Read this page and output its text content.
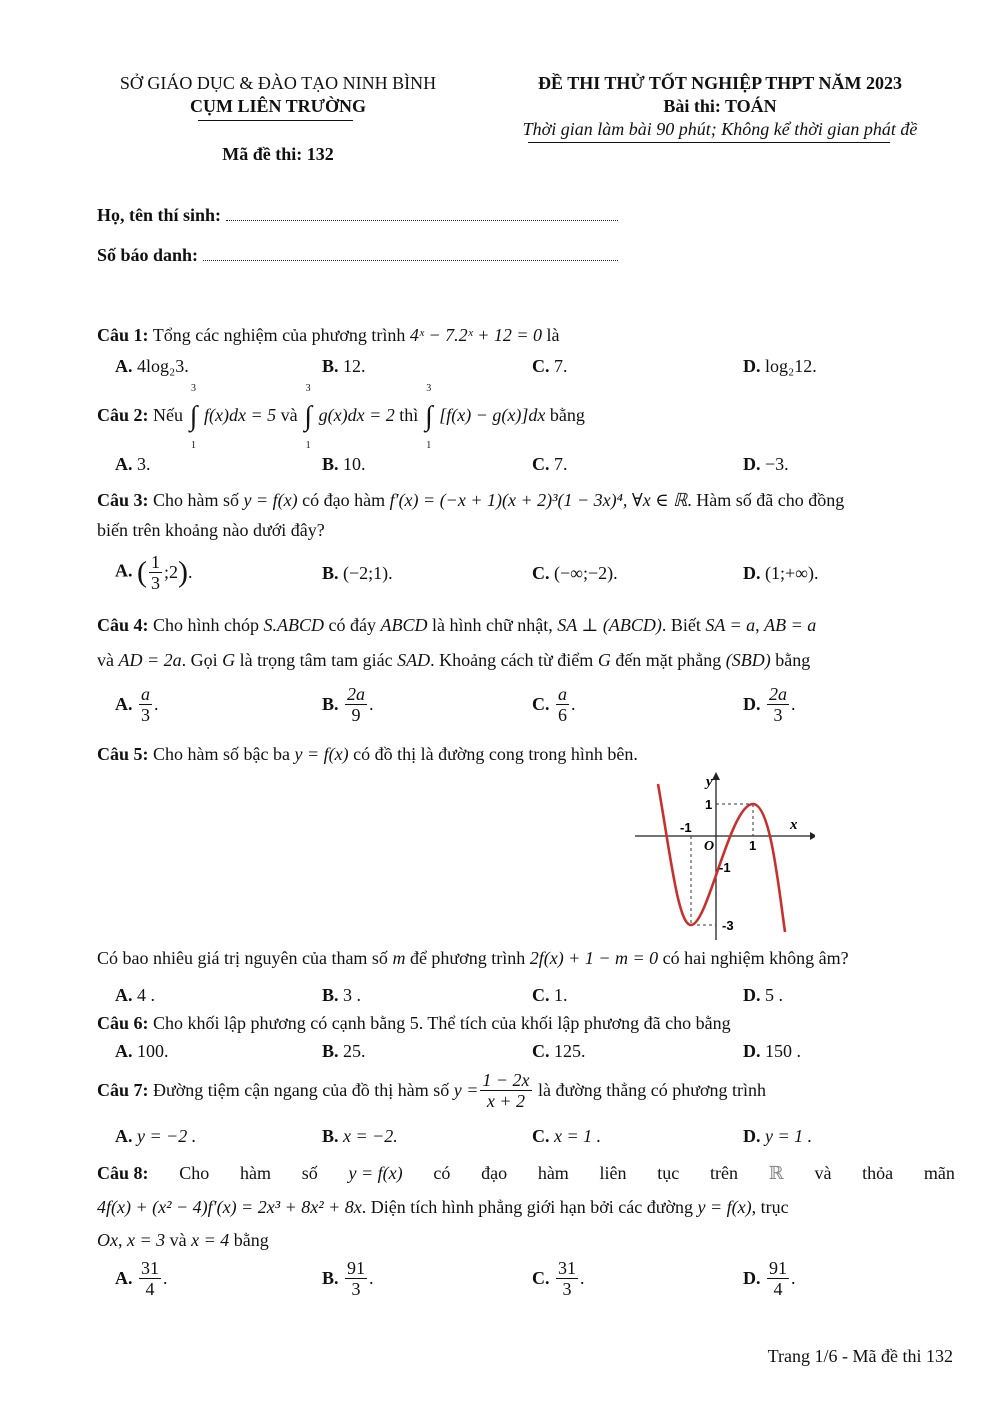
SỞ GIÁO DỤC & ĐÀO TẠO NINH BÌNH
CỤM LIÊN TRƯỜNG
Mã đề thi: 132
ĐỀ THI THỬ TỐT NGHIỆP THPT NĂM 2023
Bài thi: TOÁN
Thời gian làm bài 90 phút; Không kể thời gian phát đề
Họ, tên thí sinh:
Số báo danh:
Câu 1: Tổng các nghiệm của phương trình 4ˣ − 7.2ˣ + 12 = 0 là
A. 4log₂3.	B. 12.	C. 7.	D. log₂12.
Câu 2: Nếu
3
∫
1
f(x)dx = 5 và
3
∫
1
g(x)dx = 2 thì
3
∫
1
[f(x) − g(x)]dx bằng
A. 3.	B. 10.	C. 7.	D. −3.
Câu 3: Cho hàm số y = f(x) có đạo hàm f′(x) = (−x + 1)(x + 2)³(1 − 3x)⁴, ∀x ∈ ℝ. Hàm số đã cho đồng
biến trên khoảng nào dưới đây?
A. ( $\frac{1}{3}$ ;2).	B. (−2;1).	C. (−∞;−2).	D. (1;+∞).
Câu 4: Cho hình chóp S.ABCD có đáy ABCD là hình chữ nhật, SA ⊥ (ABCD). Biết SA = a, AB = a
và AD = 2a. Gọi G là trọng tâm tam giác SAD. Khoảng cách từ điểm G đến mặt phẳng (SBD) bằng
A. $\frac{a}{3}$ .	B. $\frac{2a}{9}$ .	C. $\frac{a}{6}$ .	D. $\frac{2a}{3}$ .
Câu 5: Cho hàm số bậc ba y = f(x) có đồ thị là đường cong trong hình bên.
y
x
O
-1
1
1
-1
-3
Có bao nhiêu giá trị nguyên của tham số m để phương trình 2f(x) + 1 − m = 0 có hai nghiệm không âm?
A. 4 .	B. 3 .	C. 1.	D. 5 .
Câu 6: Cho khối lập phương có cạnh bằng 5. Thể tích của khối lập phương đã cho bằng
A. 100.	B. 25.	C. 125.	D. 150 .
Câu 7: Đường tiệm cận ngang của đồ thị hàm số $y = \frac{1 - 2x}{x + 2}$ là đường thẳng có phương trình
A. y = −2 .	B. x = −2.	C. x = 1 .	D. y = 1 .
Câu 8: Cho hàm số y = f(x) có đạo hàm liên tục trên ℝ và thỏa mãn
4f(x) + (x² − 4)f′(x) = 2x³ + 8x² + 8x. Diện tích hình phẳng giới hạn bởi các đường y = f(x), trục
Ox, x = 3 và x = 4 bằng
A. $\frac{31}{4}$ .	B. $\frac{91}{3}$ .	C. $\frac{31}{3}$ .	D. $\frac{91}{4}$ .
Trang 1/6 - Mã đề thi 132
